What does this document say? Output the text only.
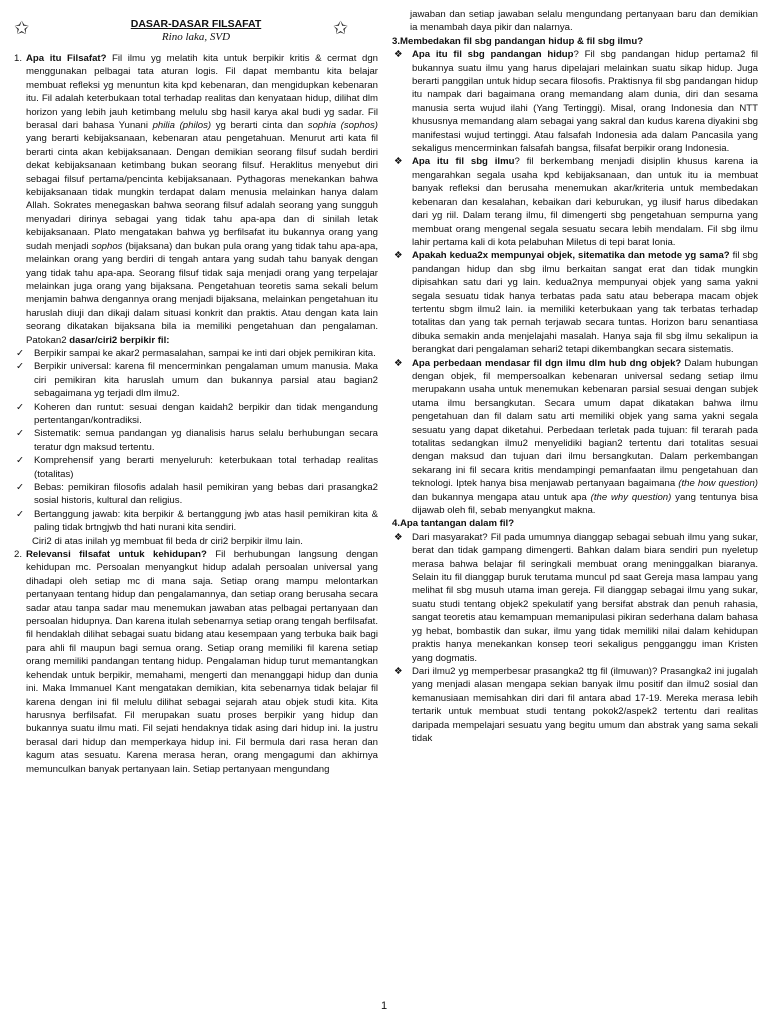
✩	DASAR-DASAR FILSAFAT
Rino laka, SVD	✩
1. Apa itu Filsafat? Fil ilmu yg melatih kita untuk berpikir kritis & cermat dgn menggunakan pelbagai tata aturan logis. Fil dapat membantu kita belajar membuat refleksi yg menuntun kita kpd kebenaran, dan mengidupkan kebenaran itu. Fil adalah keterbukaan total terhadap realitas dan kenyataan hidup, dilihat dlm horizon yang lebih jauh ketimbang melulu sbg hasil karya akal budi yg sadar. Fil berasal dari bahasa Yunani philia (philos) yg berarti cinta dan sophia (sophos) yang berarti kebijaksanaan, kebenaran atau pengetahuan. Menurut arti kata fil berarti cinta akan kebijaksanaan. Dengan demikian seorang filsuf sudah berdiri dekat kebijaksanaan ketimbang bukan seorang filsuf. Heraklitus menyebut diri sebagai filsuf pertama/pencinta kebijaksanaan. Pythagoras menekankan bahwa kebijaksanaan tidak mungkin terdapat dalam menusia melainkan hanya dalam Allah. Sokrates menegaskan bahwa seorang filsuf adalah seorang yang sungguh menyadari dirinya sebagai yang tidak tahu apa-apa dan di sinilah letak kebijaksanaan. Plato mengatakan bahwa yg berfilsafat itu bukannya orang yang sudah menjadi sophos (bijaksana) dan bukan pula orang yang tidak tahu apa-apa, melainkan orang yang berdiri di tengah antara yang sudah tahu banyak dengan yang tidak tahu apa-apa. Seorang filsuf tidak saja menjadi orang yang terpelajar melainkan juga orang yang bijaksana. Pengetahuan teoretis sama sekali belum menjamin bahwa dengannya orang menjadi bijaksana, melainkan pengetahuan itu haruslah diuji dan dikaji dalam situasi konkrit dan praktis. Atau dengan kata lain seorang dikatakan bijaksana bila ia memiliki pengetahuan dan pengalaman. Patokan2 dasar/ciri2 berpikir fil:

✓	Berpikir sampai ke akar2 permasalahan, sampai ke inti dari objek pemikiran kita.
✓	Berpikir universal: karena fil mencerminkan pengalaman umum manusia. Maka ciri pemikiran kita haruslah umum dan bukannya parsial atau bagian2 sebagaimana yg terjadi dlm ilmu2.
✓	Koheren dan runtut: sesuai dengan kaidah2 berpikir dan tidak mengandung pertentangan/kontradiksi.
✓	Sistematik: semua pandangan yg dianalisis harus selalu berhubungan secara teratur dgn maksud tertentu.
✓	Komprehensif yang berarti menyeluruh: keterbukaan total terhadap realitas (totalitas)
✓	Bebas: pemikiran filosofis adalah hasil pemikiran yang bebas dari prasangka2 sosial historis, kultural dan religius.
✓	Bertanggung jawab: kita berpikir & bertanggung jwb atas hasil pemikiran kita & paling tidak brtngjwb thd hati nurani kita sendiri.

Ciri2 di atas inilah yg membuat fil beda dr ciri2 berpikir ilmu lain.

2. Relevansi filsafat untuk kehidupan? Fil berhubungan langsung dengan kehidupan mc. Persoalan menyangkut hidup adalah persoalan universal yang dihadapi oleh setiap mc di mana saja. Setiap orang mampu melontarkan pertanyaan tentang hidup dan pengalamannya, dan setiap orang berusaha secara sadar atau tanpa sadar mau menemukan jawaban atas pelbagai pertanyaan dan persoalan hidupnya. Dan karena itulah sebenarnya setiap orang tengah berfilsafat. fil hendaklah dilihat sebagai suatu bidang atau kesempaan yang terbuka baik bagi para ahli fil maupun bagi semua orang. Setiap orang memiliki fil karena setiap orang memiliki pandangan tentang hidup. Pengalaman hidup turut memantangkan kehendak untuk berpikir, memahami, mengerti dan menanggapi hidup dan dunia ini. Maka Immanuel Kant mengatakan demikian, kita sebenarnya tidak belajar fil karena dengan ini fil melulu dilihat sebagai sejarah atau objek studi kita. Kita harusnya berfilsafat. Fil merupakan suatu proses berpikir yang hidup dan bukannya suatu ilmu mati. Fil sejati hendaknya tidak asing dari hidup ini. Ia justru berasal dari hidup dan memperkaya hidup ini. Fil bermula dari rasa heran dan kagum atas sesuatu. Karena merasa heran, orang mengagumi dan akhirnya memunculkan banyak pertanyaan lain. Setiap pertanyaan mengundang

jawaban dan setiap jawaban selalu mengundang pertanyaan baru dan demikian ia menambah daya pikir dan nalarnya.

3.Membedakan fil sbg pandangan hidup & fil sbg ilmu?

❖ Apa itu fil sbg pandangan hidup? Fil sbg pandangan hidup pertama2 fil bukannya suatu ilmu yang harus dipelajari melainkan suatu sikap hidup. Juga berarti panggilan untuk hidup secara filosofis. Praktisnya fil sbg pandangan hidup itu nampak dari bagaimana orang memandang alam dunia, diri dan sesama manusia serta wujud ilahi (Yang Tertinggi). Misal, orang Indonesia dan NTT khususnya memandang alam sebagai yang sakral dan kudus karena diyakini sbg manifestasi wujud tertinggi. Atau falsafah Indonesia ada dalam Pancasila yang sekaligus mencerminkan falsafah bangsa, filsafat berpikir orang Indonesia.

❖ Apa itu fil sbg ilmu? fil berkembang menjadi disiplin khusus karena ia mengarahkan segala usaha kpd kebijaksanaan, dan untuk itu ia membuat banyak refleksi dan berusaha menemukan akar/kriteria untuk membedakan kebenaran dan kesalahan, kebaikan dari keburukan, yg ilusif harus dibedakan dari yg riil. Dalam terang ilmu, fil dimengerti sbg pengetahuan sempurna yang membuat orang mengenal segala sesuatu secara lebih mendalam. Fil sbg ilmu lahir pertama kali di kota pelabuhan Miletus di tepi barat Ionia.

❖ Apakah kedua2x mempunyai objek, sitematika dan metode yg sama? fil sbg pandangan hidup dan sbg ilmu berkaitan sangat erat dan tidak mungkin dipisahkan satu dari yg lain. kedua2nya mempunyai objek yang sama yakni segala sesuatu tidak hanya terbatas pada satu atau beberapa macam objek tertentu sbgm ilmu2 lain. ia memiliki keterbukaan yang tak terbatas terhadap totalitas dan yang tak pernah terjawab secara tuntas. Horizon baru senantiasa dibuka semakin anda menjelajahi masalah. Hanya saja fil sbg ilmu sekalipun ia berangkat dari pengalaman sehari2 tetapi dikembangkan secara sistematis.

❖ Apa perbedaan mendasar fil dgn ilmu dlm hub dng objek? Dalam hubungan dengan objek, fil mempersoalkan kebenaran universal sedang setiap ilmu merupakann usaha untuk menemukan kebenaran parsial sesuai dengan subjek utama ilmu bersangkutan. Secara umum dapat dikatakan bahwa ilmu pengetahuan dan fil dalam satu arti memiliki objek yang sama yakni segala sesuatu yang dapat diketahui. Perbedaan terletak pada tujuan: fil terarah pada totalitas sedangkan ilmu2 menyelidiki bagian2 tertentu dari totalitas sesuai dengan maksud dan tujuan dari ilmu bersangkutan. Dalam perkembangan sekarang ini fil secara kritis mendampingi pemanfaatan ilmu pengetahuan dan teknologi. Iptek hanya bisa menjawab pertanyaan bagaimana (the how question) dan bukannya mengapa atau untuk apa (the why question) yang tentunya bisa dijawab oleh fil, sebab menyangkut makna.

4.Apa tantangan dalam fil?

❖ Dari masyarakat? Fil pada umumnya dianggap sebagai sebuah ilmu yang sukar, berat dan tidak gampang dimengerti. Bahkan dalam biara sendiri pun nyeletup merasa bahwa belajar fil seringkali membuat orang meninggalkan biaranya. Selain itu fil dianggap buruk terutama muncul pd saat Gereja masa lampau yang melihat fil sbg musuh utama iman gereja. Fil dianggap sebagai ilmu yang sukar, suatu studi tentang objek2 spekulatif yang bersifat abstrak dan penuh rahasia, sangat teoretis atau kemampuan memanipulasi pikiran sederhana dalam bahasa yg hebat, bombastik dan sukar, ilmu yang tidak memiliki nilai dalam kehidupan praktis hanya menekankan konsep teori sekaligus pengganggu iman Kristen yang dogmatis.

❖ Dari ilmu2 yg memperbesar prasangka2 ttg fil (ilmuwan)? Prasangka2 ini jugalah yang menjadi alasan mengapa sekian banyak ilmu positif dan ilmu2 sosial dan kemanusiaan memisahkan diri dari fil antara abad 17-19. Mereka merasa lebih tertarik untuk membuat studi tentang pokok2/aspek2 tertentu dari realitas daripada mempelajari sesuatu yang begitu umum dan abstrak yang sama sekali tidak

1
